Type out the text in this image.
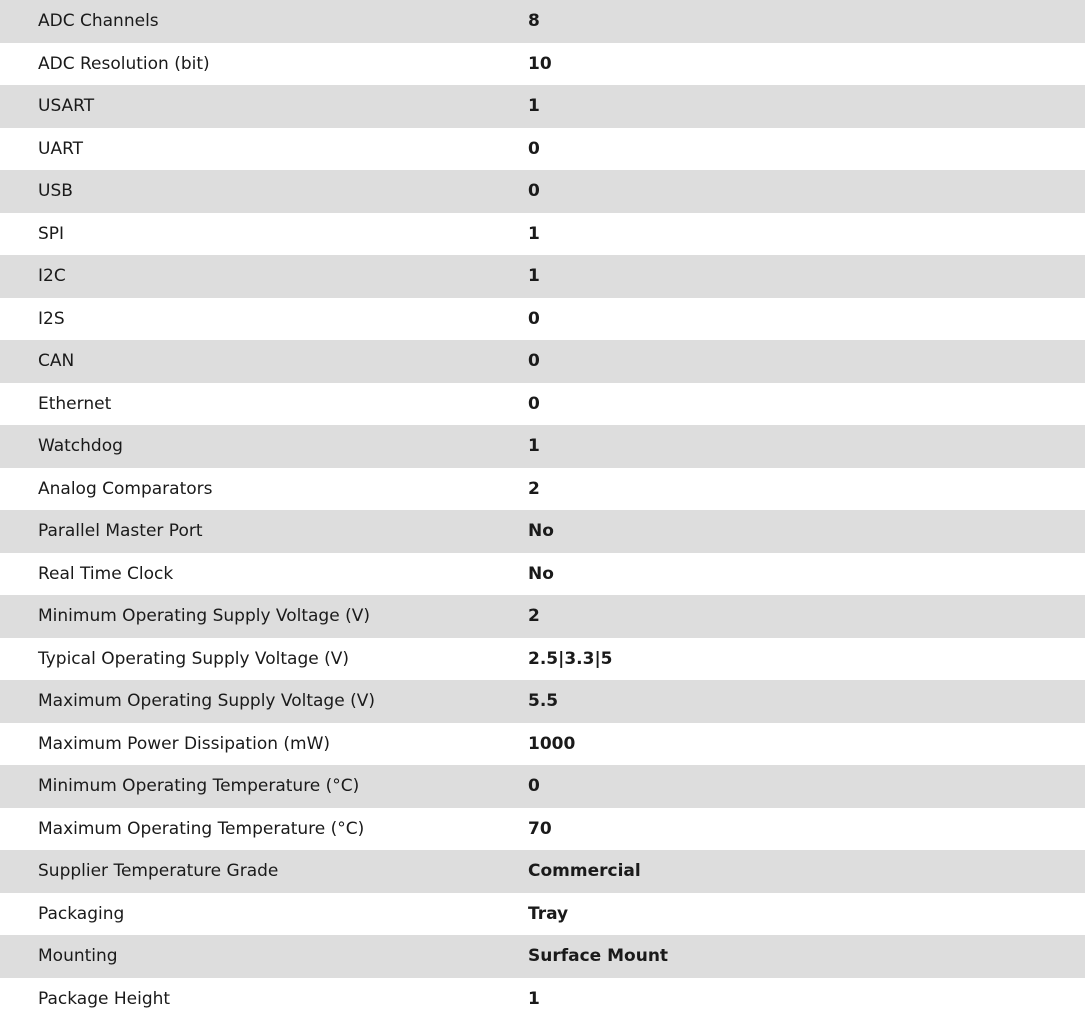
ADC Channels	8
ADC Resolution (bit)	10
USART	1
UART	0
USB	0
SPI	1
I2C	1
I2S	0
CAN	0
Ethernet	0
Watchdog	1
Analog Comparators	2
Parallel Master Port	No
Real Time Clock	No
Minimum Operating Supply Voltage (V)	2
Typical Operating Supply Voltage (V)	2.5|3.3|5
Maximum Operating Supply Voltage (V)	5.5
Maximum Power Dissipation (mW)	1000
Minimum Operating Temperature (°C)	0
Maximum Operating Temperature (°C)	70
Supplier Temperature Grade	Commercial
Packaging	Tray
Mounting	Surface Mount
Package Height	1
